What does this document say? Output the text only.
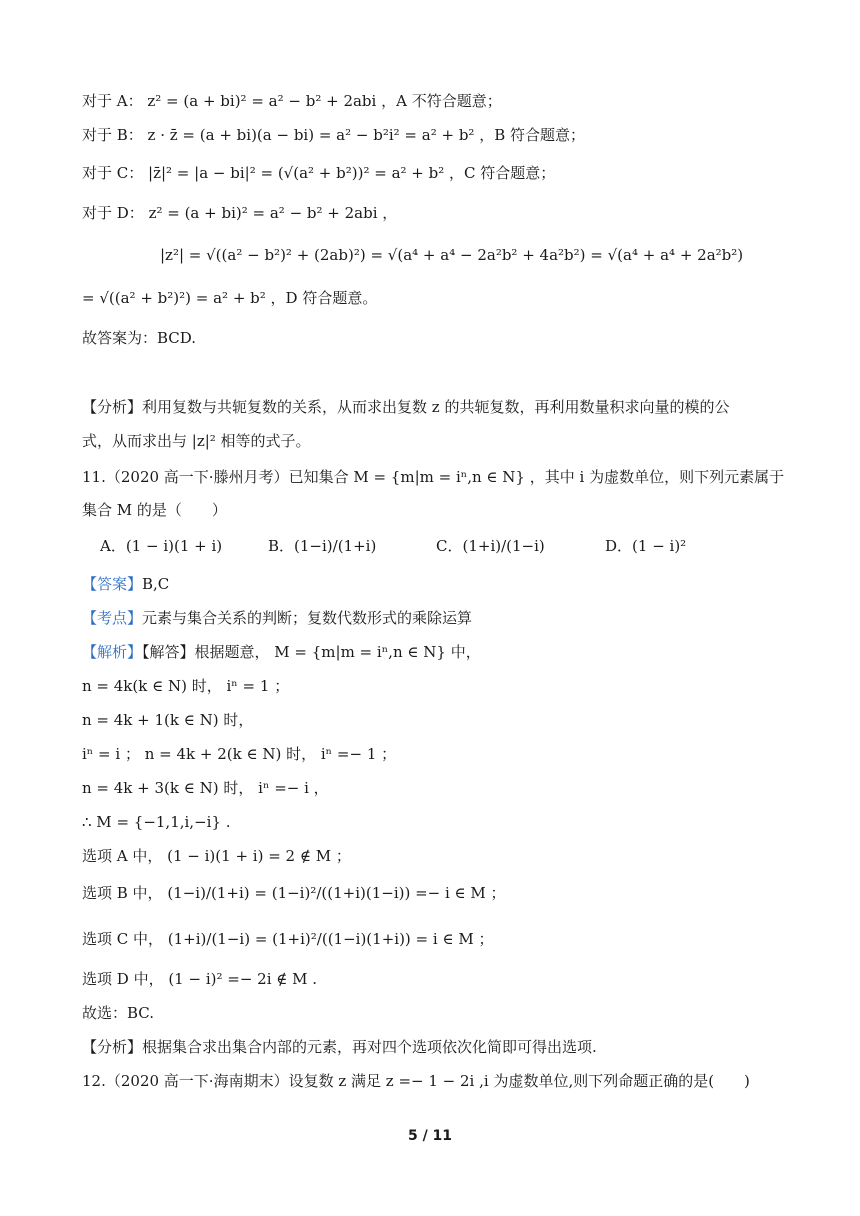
对于 A： z² = (a + bi)² = a² − b² + 2abi ，A 不符合题意；
对于 B： z · z̄ = (a + bi)(a − bi) = a² − b²i² = a² + b² ，B 符合题意；
对于 C： |z̄|² = |a − bi|² = (√(a² + b²))² = a² + b² ，C 符合题意；
对于 D： z² = (a + bi)² = a² − b² + 2abi ，
|z²| = √((a² − b²)² + (2ab)²) = √(a⁴ + a⁴ − 2a²b² + 4a²b²) = √(a⁴ + a⁴ + 2a²b²)
= √((a² + b²)²) = a² + b² ，D 符合题意。
故答案为：BCD.
【分析】利用复数与共轭复数的关系，从而求出复数 z 的共轭复数，再利用数量积求向量的模的公
式，从而求出与 |z|² 相等的式子。
11.（2020 高一下·滕州月考）已知集合 M = {m|m = iⁿ,n ∈ N} ，其中 i 为虚数单位，则下列元素属于
集合 M 的是（　　）
A．(1 − i)(1 + i)	B．(1−i)/(1+i)	C．(1+i)/(1−i)	D．(1 − i)²
【答案】B,C
【考点】元素与集合关系的判断；复数代数形式的乘除运算
【解析】【解答】根据题意， M = {m|m = iⁿ,n ∈ N} 中，
n = 4k(k ∈ N) 时， iⁿ = 1 ；
n = 4k + 1(k ∈ N) 时，
iⁿ = i ； n = 4k + 2(k ∈ N) 时， iⁿ =− 1 ；
n = 4k + 3(k ∈ N) 时， iⁿ =− i ，
∴ M = {−1,1,i,−i} .
选项 A 中， (1 − i)(1 + i) = 2 ∉ M ；
选项 B 中， (1−i)/(1+i) = (1−i)²/((1+i)(1−i)) =− i ∈ M ；
选项 C 中， (1+i)/(1−i) = (1+i)²/((1−i)(1+i)) = i ∈ M ；
选项 D 中， (1 − i)² =− 2i ∉ M .
故选：BC.
【分析】根据集合求出集合内部的元素，再对四个选项依次化简即可得出选项.
12.（2020 高一下·海南期末）设复数 z 满足 z =− 1 − 2i ,i 为虚数单位,则下列命题正确的是(　　)
5 / 11
